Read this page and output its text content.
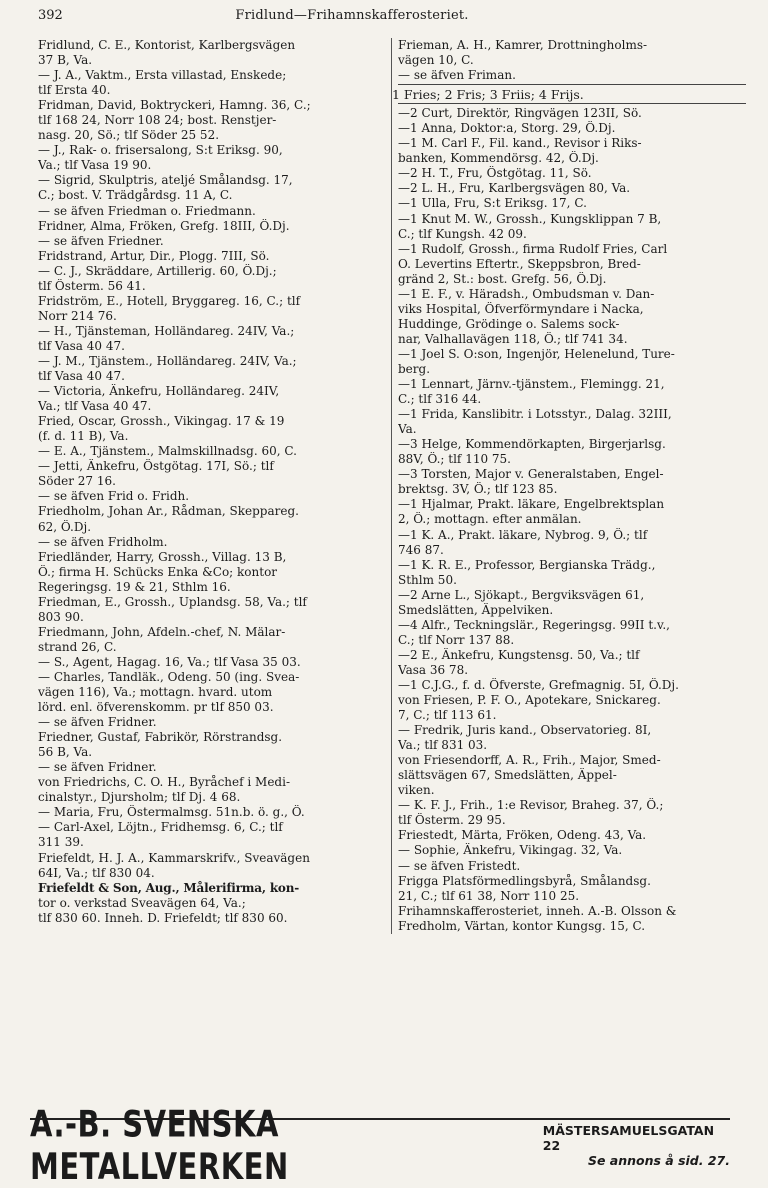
392	Fridlund—Frihamnskafferosteriet.

Fridlund, C. E., Kontorist, Karlbergsvägen

37 B, Va.

— J. A., Vaktm., Ersta villastad, Enskede;

tlf Ersta 40.

Fridman, David, Boktryckeri, Hamng. 36, C.;

tlf 168 24, Norr 108 24; bost. Renstjer-

nasg. 20, Sö.; tlf Söder 25 52.

— J., Rak- o. frisersalong, S:t Eriksg. 90,

Va.; tlf Vasa 19 90.

— Sigrid, Skulptris, ateljé Smålandsg. 17,

C.; bost. V. Trädgårdsg. 11 A, C.

— se äfven Friedman o. Friedmann.

Fridner, Alma, Fröken, Grefg. 18III, Ö.Dj.

— se äfven Friedner.

Fridstrand, Artur, Dir., Plogg. 7III, Sö.

— C. J., Skräddare, Artillerig. 60, Ö.Dj.;

tlf Österm. 56 41.

Fridström, E., Hotell, Bryggareg. 16, C.; tlf

Norr 214 76.

— H., Tjänsteman, Holländareg. 24IV, Va.;

tlf Vasa 40 47.

— J. M., Tjänstem., Holländareg. 24IV, Va.;

tlf Vasa 40 47.

— Victoria, Änkefru, Holländareg. 24IV,

Va.; tlf Vasa 40 47.

Fried, Oscar, Grossh., Vikingag. 17 & 19

(f. d. 11 B), Va.

— E. A., Tjänstem., Malmskillnadsg. 60, C.

— Jetti, Änkefru, Östgötag. 17I, Sö.; tlf

Söder 27 16.

— se äfven Frid o. Fridh.

Friedholm, Johan Ar., Rådman, Skeppareg.

62, Ö.Dj.

— se äfven Fridholm.

Friedländer, Harry, Grossh., Villag. 13 B,

Ö.; firma H. Schücks Enka &Co; kontor

Regeringsg. 19 & 21, Sthlm 16.

Friedman, E., Grossh., Uplandsg. 58, Va.; tlf

803 90.

Friedmann, John, Afdeln.-chef, N. Mälar-

strand 26, C.

— S., Agent, Hagag. 16, Va.; tlf Vasa 35 03.

— Charles, Tandläk., Odeng. 50 (ing. Svea-

vägen 116), Va.; mottagn. hvard. utom

lörd. enl. öfverenskomm. pr tlf 850 03.

— se äfven Fridner.

Friedner, Gustaf, Fabrikör, Rörstrandsg.

56 B, Va.

— se äfven Fridner.

von Friedrichs, C. O. H., Byråchef i Medi-

cinalstyr., Djursholm; tlf Dj. 4 68.

— Maria, Fru, Östermalmsg. 51n.b. ö. g., Ö.

— Carl-Axel, Löjtn., Fridhemsg. 6, C.; tlf

311 39.

Friefeldt, H. J. A., Kammarskrifv., Sveavägen

64I, Va.; tlf 830 04.

Friefeldt & Son, Aug., Målerifirma, kon-

tor o. verkstad Sveavägen 64, Va.;

tlf 830 60. Inneh. D. Friefeldt; tlf 830 60.

Frieman, A. H., Kamrer, Drottningholms-

vägen 10, C.

— se äfven Friman.

1 Fries; 2 Fris; 3 Friis; 4 Frijs.

—2 Curt, Direktör, Ringvägen 123II, Sö.

—1 Anna, Doktor:a, Storg. 29, Ö.Dj.

—1 M. Carl F., Fil. kand., Revisor i Riks-

banken, Kommendörsg. 42, Ö.Dj.

—2 H. T., Fru, Östgötag. 11, Sö.

—2 L. H., Fru, Karlbergsvägen 80, Va.

—1 Ulla, Fru, S:t Eriksg. 17, C.

—1 Knut M. W., Grossh., Kungsklippan 7 B,

C.; tlf Kungsh. 42 09.

—1 Rudolf, Grossh., firma Rudolf Fries, Carl

O. Levertins Eftertr., Skeppsbron, Bred-

gränd 2, St.: bost. Grefg. 56, Ö.Dj.

—1 E. F., v. Häradsh., Ombudsman v. Dan-

viks Hospital, Öfverförmyndare i Nacka,

Huddinge, Grödinge o. Salems sock-

nar, Valhallavägen 118, Ö.; tlf 741 34.

—1 Joel S. O:son, Ingenjör, Helenelund, Ture-

berg.

—1 Lennart, Järnv.-tjänstem., Flemingg. 21,

C.; tlf 316 44.

—1 Frida, Kanslibitr. i Lotsstyr., Dalag. 32III,

Va.

—3 Helge, Kommendörkapten, Birgerjarlsg.

88V, Ö.; tlf 110 75.

—3 Torsten, Major v. Generalstaben, Engel-

brektsg. 3V, Ö.; tlf 123 85.

—1 Hjalmar, Prakt. läkare, Engelbrektsplan

2, Ö.; mottagn. efter anmälan.

—1 K. A., Prakt. läkare, Nybrog. 9, Ö.; tlf

746 87.

—1 K. R. E., Professor, Bergianska Trädg.,

Sthlm 50.

—2 Arne L., Sjökapt., Bergviksvägen 61,

Smedslätten, Äppelviken.

—4 Alfr., Teckningslär., Regeringsg. 99II t.v.,

C.; tlf Norr 137 88.

—2 E., Änkefru, Kungstensg. 50, Va.; tlf

Vasa 36 78.

—1 C.J.G., f. d. Öfverste, Grefmagnig. 5I, Ö.Dj.

von Friesen, P. F. O., Apotekare, Snickareg.

7, C.; tlf 113 61.

— Fredrik, Juris kand., Observatorieg. 8I,

Va.; tlf 831 03.

von Friesendorff, A. R., Frih., Major, Smed-

slättsvägen 67, Smedslätten, Äppel-

viken.

— K. F. J., Frih., 1:e Revisor, Braheg. 37, Ö.;

tlf Österm. 29 95.

Friestedt, Märta, Fröken, Odeng. 43, Va.

— Sophie, Änkefru, Vikingag. 32, Va.

— se äfven Fristedt.

Frigga Platsförmedlingsbyrå, Smålandsg.

21, C.; tlf 61 38, Norr 110 25.

Frihamnskafferosteriet, inneh. A.-B. Olsson &

Fredholm, Värtan, kontor Kungsg. 15, C.

A.-B. SVENSKA METALLVERKEN
MÄSTERSAMUELSGATAN 22
Se annons å sid. 27.
